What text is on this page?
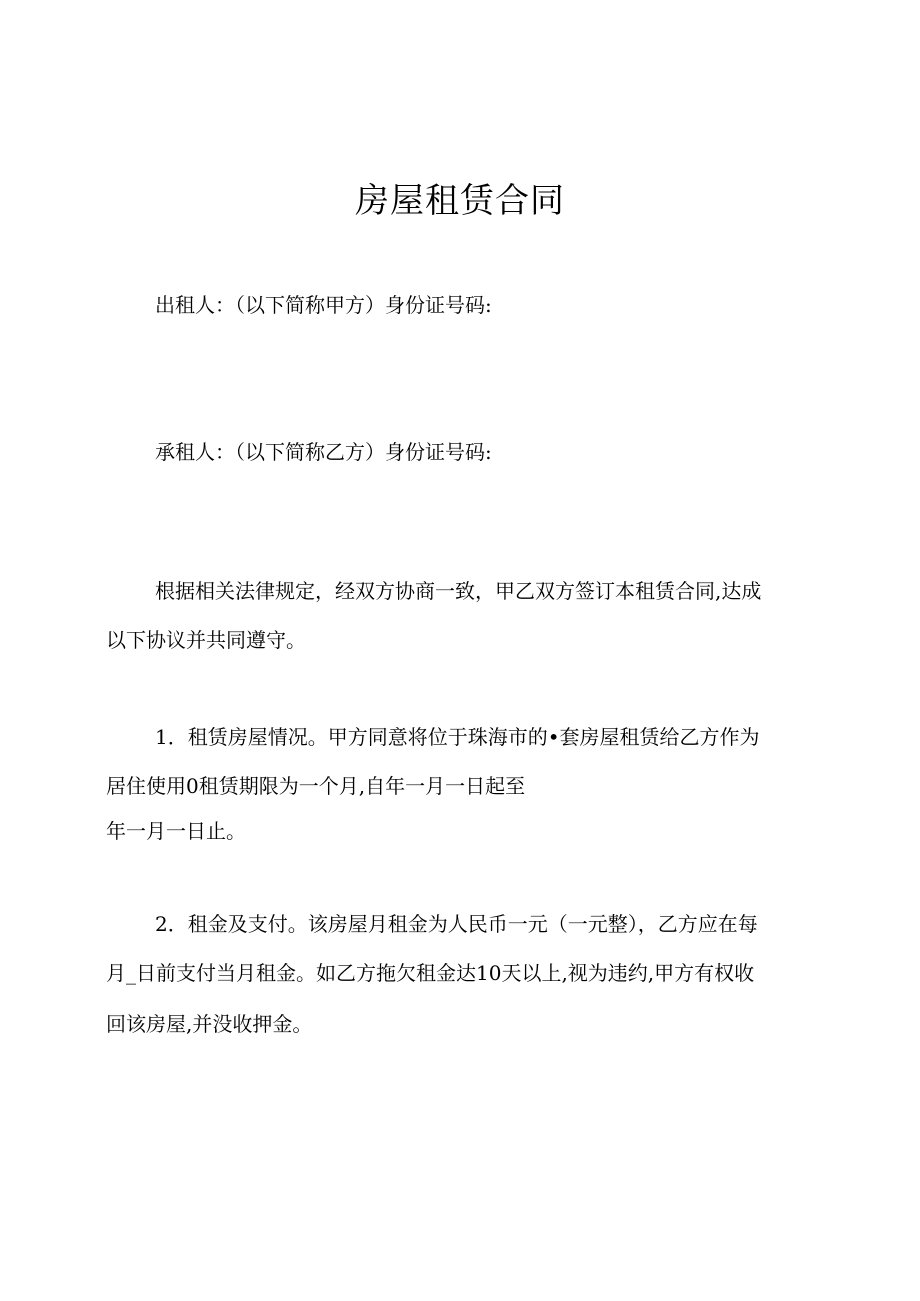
房屋租赁合同
出租人：（以下简称甲方）身份证号码:
承租人：（以下简称乙方）身份证号码:
根据相关法律规定，经双方协商一致，甲乙双方签订本租赁合同,达成
以下协议并共同遵守。
1．租赁房屋情况。甲方同意将位于珠海市的•套房屋租赁给乙方作为
居住使用0租赁期限为一个月,自年一月一日起至
年一月一日止。
2．租金及支付。该房屋月租金为人民币一元（一元整），乙方应在每
月_日前支付当月租金。如乙方拖欠租金达10天以上,视为违约,甲方有权收
回该房屋,并没收押金。
